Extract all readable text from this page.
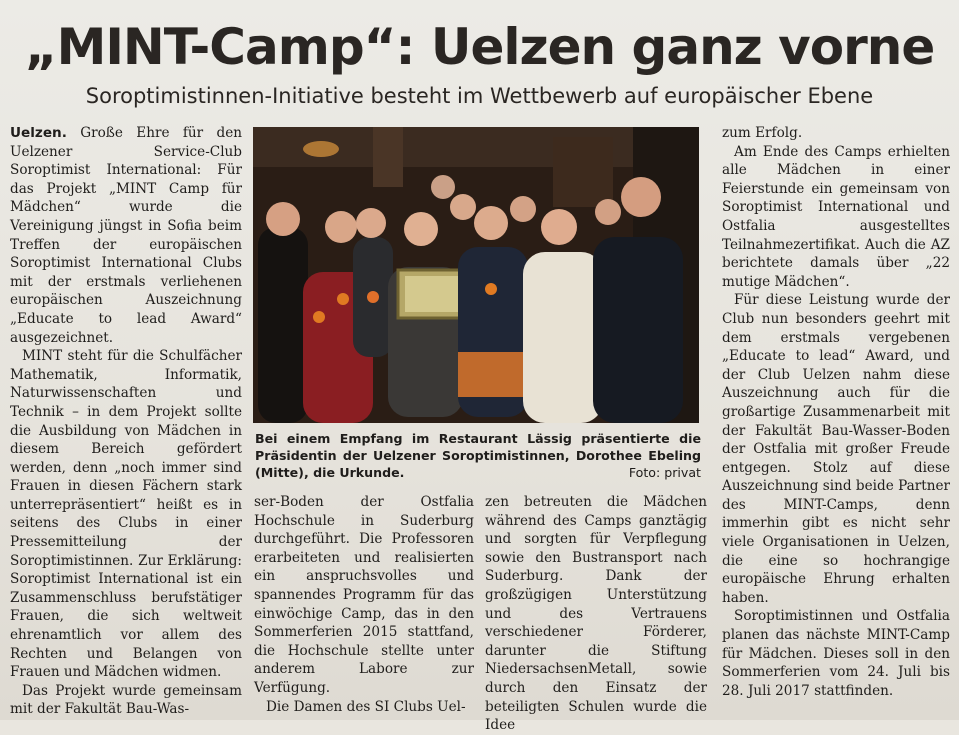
„MINT-Camp“: Uelzen ganz vorne
Soroptimistinnen-Initiative besteht im Wettbewerb auf europäischer Ebene

Uelzen. Große Ehre für den Uelzener Service-Club Soroptimist International: Für das Projekt „MINT Camp für Mädchen“ wurde die Vereinigung jüngst in Sofia beim Treffen der europäischen Soroptimist International Clubs mit der erstmals verliehenen europäischen Auszeichnung „Educate to lead Award“ ausgezeichnet.

MINT steht für die Schulfächer Mathematik, Informatik, Naturwissenschaften und Technik – in dem Projekt sollte die Ausbildung von Mädchen in diesem Bereich gefördert werden, denn „noch immer sind Frauen in diesen Fächern stark unterrepräsentiert“ heißt es in seitens des Clubs in einer Pressemitteilung der Soroptimistinnen. Zur Erklärung: Soroptimist International ist ein Zusammenschluss berufstätiger Frauen, die sich weltweit ehrenamtlich vor allem des Rechten und Belangen von Frauen und Mädchen widmen.

Das Projekt wurde gemeinsam mit der Fakultät Bau-Was-

Bei einem Empfang im Restaurant Lässig präsentierte die Präsidentin der Uelzener Soroptimistinnen, Dorothee Ebeling (Mitte), die Urkunde.	Foto: privat

ser-Boden der Ostfalia Hochschule in Suderburg durchgeführt. Die Professoren erarbeiteten und realisierten ein anspruchsvolles und spannendes Programm für das einwöchige Camp, das in den Sommerferien 2015 stattfand, die Hochschule stellte unter anderem Labore zur Verfügung.

Die Damen des SI Clubs Uel-

zen betreuten die Mädchen während des Camps ganztägig und sorgten für Verpflegung sowie den Bustransport nach Suderburg. Dank der großzügigen Unterstützung und des Vertrauens verschiedener Förderer, darunter die Stiftung NiedersachsenMetall, sowie durch den Einsatz der beteiligten Schulen wurde die Idee

zum Erfolg.

Am Ende des Camps erhielten alle Mädchen in einer Feierstunde ein gemeinsam von Soroptimist International und Ostfalia ausgestelltes Teilnahmezertifikat. Auch die AZ berichtete damals über „22 mutige Mädchen“.

Für diese Leistung wurde der Club nun besonders geehrt mit dem erstmals vergebenen „Educate to lead“ Award, und der Club Uelzen nahm diese Auszeichnung auch für die großartige Zusammenarbeit mit der Fakultät Bau-Wasser-Boden der Ostfalia mit großer Freude entgegen. Stolz auf diese Auszeichnung sind beide Partner des MINT-Camps, denn immerhin gibt es nicht sehr viele Organisationen in Uelzen, die eine so hochrangige europäische Ehrung erhalten haben.

Soroptimistinnen und Ostfalia planen das nächste MINT-Camp für Mädchen. Dieses soll in den Sommerferien vom 24. Juli bis 28. Juli 2017 stattfinden.
